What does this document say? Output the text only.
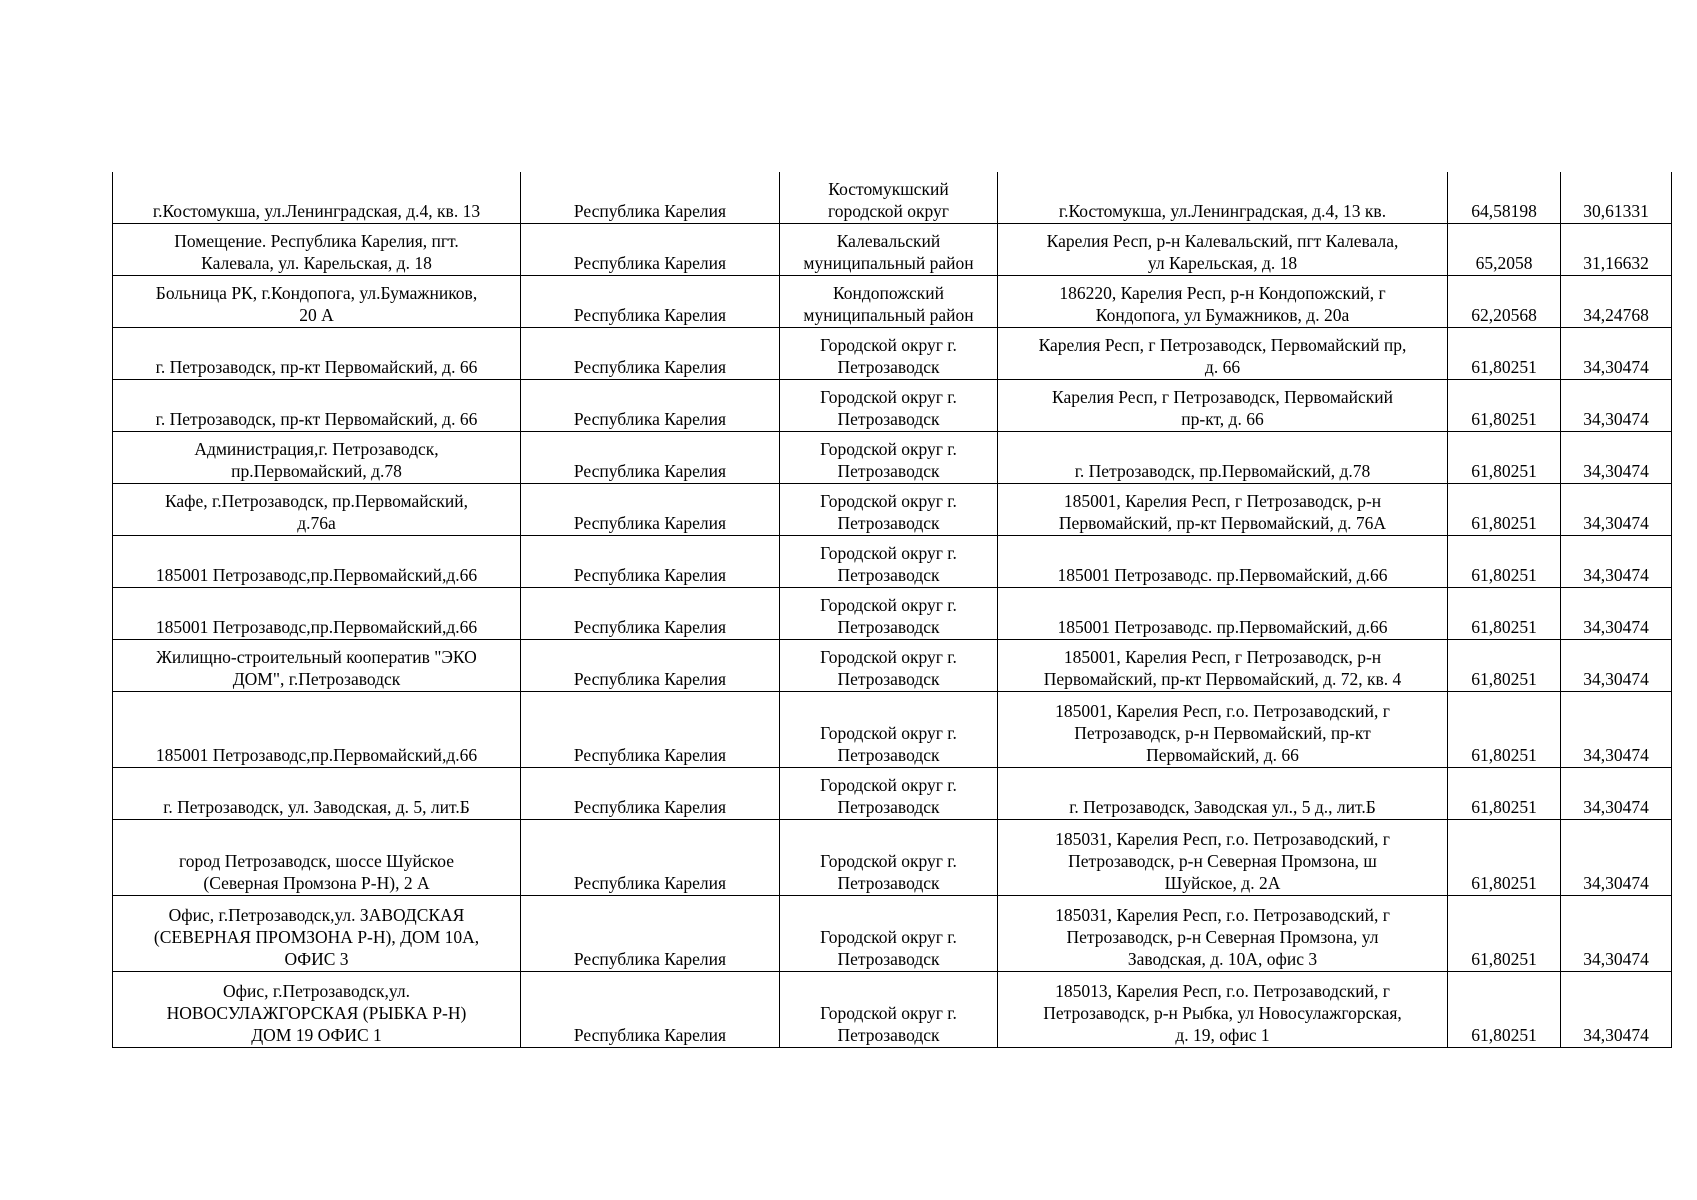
г.Костомукша, ул.Ленинградская, д.4, кв. 13	Республика Карелия	Костомукшский
городской округ	г.Костомукша, ул.Ленинградская, д.4, 13 кв.	64,58198	30,61331
Помещение. Республика Карелия, пгт.
Калевала, ул. Карельская, д. 18	Республика Карелия	Калевальский
муниципальный район	Карелия Респ, р-н Калевальский, пгт Калевала,
ул Карельская, д. 18	65,2058	31,16632
Больница РК, г.Кондопога, ул.Бумажников,
20 А	Республика Карелия	Кондопожский
муниципальный район	186220, Карелия Респ, р-н Кондопожский, г
Кондопога, ул Бумажников, д. 20а	62,20568	34,24768
г. Петрозаводск, пр-кт Первомайский, д. 66	Республика Карелия	Городской округ г.
Петрозаводск	Карелия Респ, г Петрозаводск, Первомайский пр,
д. 66	61,80251	34,30474
г. Петрозаводск, пр-кт Первомайский, д. 66	Республика Карелия	Городской округ г.
Петрозаводск	Карелия Респ, г Петрозаводск, Первомайский
пр-кт, д. 66	61,80251	34,30474
Администрация,г. Петрозаводск,
пр.Первомайский, д.78	Республика Карелия	Городской округ г.
Петрозаводск	г. Петрозаводск, пр.Первомайский, д.78	61,80251	34,30474
Кафе, г.Петрозаводск, пр.Первомайский,
д.76а	Республика Карелия	Городской округ г.
Петрозаводск	185001, Карелия Респ, г Петрозаводск, р-н
Первомайский, пр-кт Первомайский, д. 76А	61,80251	34,30474
185001 Петрозаводс,пр.Первомайский,д.66	Республика Карелия	Городской округ г.
Петрозаводск	185001 Петрозаводс. пр.Первомайский, д.66	61,80251	34,30474
185001 Петрозаводс,пр.Первомайский,д.66	Республика Карелия	Городской округ г.
Петрозаводск	185001 Петрозаводс. пр.Первомайский, д.66	61,80251	34,30474
Жилищно-строительный кооператив "ЭКО
ДОМ", г.Петрозаводск	Республика Карелия	Городской округ г.
Петрозаводск	185001, Карелия Респ, г Петрозаводск, р-н
Первомайский, пр-кт Первомайский, д. 72, кв. 4	61,80251	34,30474
185001 Петрозаводс,пр.Первомайский,д.66	Республика Карелия	Городской округ г.
Петрозаводск	185001, Карелия Респ, г.о. Петрозаводский, г
Петрозаводск, р-н Первомайский, пр-кт
Первомайский, д. 66	61,80251	34,30474
г. Петрозаводск, ул. Заводская, д. 5, лит.Б	Республика Карелия	Городской округ г.
Петрозаводск	г. Петрозаводск, Заводская ул., 5 д., лит.Б	61,80251	34,30474
город Петрозаводск, шоссе Шуйское
(Северная Промзона Р-Н), 2 А	Республика Карелия	Городской округ г.
Петрозаводск	185031, Карелия Респ, г.о. Петрозаводский, г
Петрозаводск, р-н Северная Промзона, ш
Шуйское, д. 2А	61,80251	34,30474
Офис, г.Петрозаводск,ул. ЗАВОДСКАЯ
(СЕВЕРНАЯ ПРОМЗОНА Р-Н), ДОМ 10А,
ОФИС 3	Республика Карелия	Городской округ г.
Петрозаводск	185031, Карелия Респ, г.о. Петрозаводский, г
Петрозаводск, р-н Северная Промзона, ул
Заводская, д. 10А, офис 3	61,80251	34,30474
Офис, г.Петрозаводск,ул.
НОВОСУЛАЖГОРСКАЯ (РЫБКА Р-Н)
ДОМ 19 ОФИС 1	Республика Карелия	Городской округ г.
Петрозаводск	185013, Карелия Респ, г.о. Петрозаводский, г
Петрозаводск, р-н Рыбка, ул Новосулажгорская,
д. 19, офис 1	61,80251	34,30474
